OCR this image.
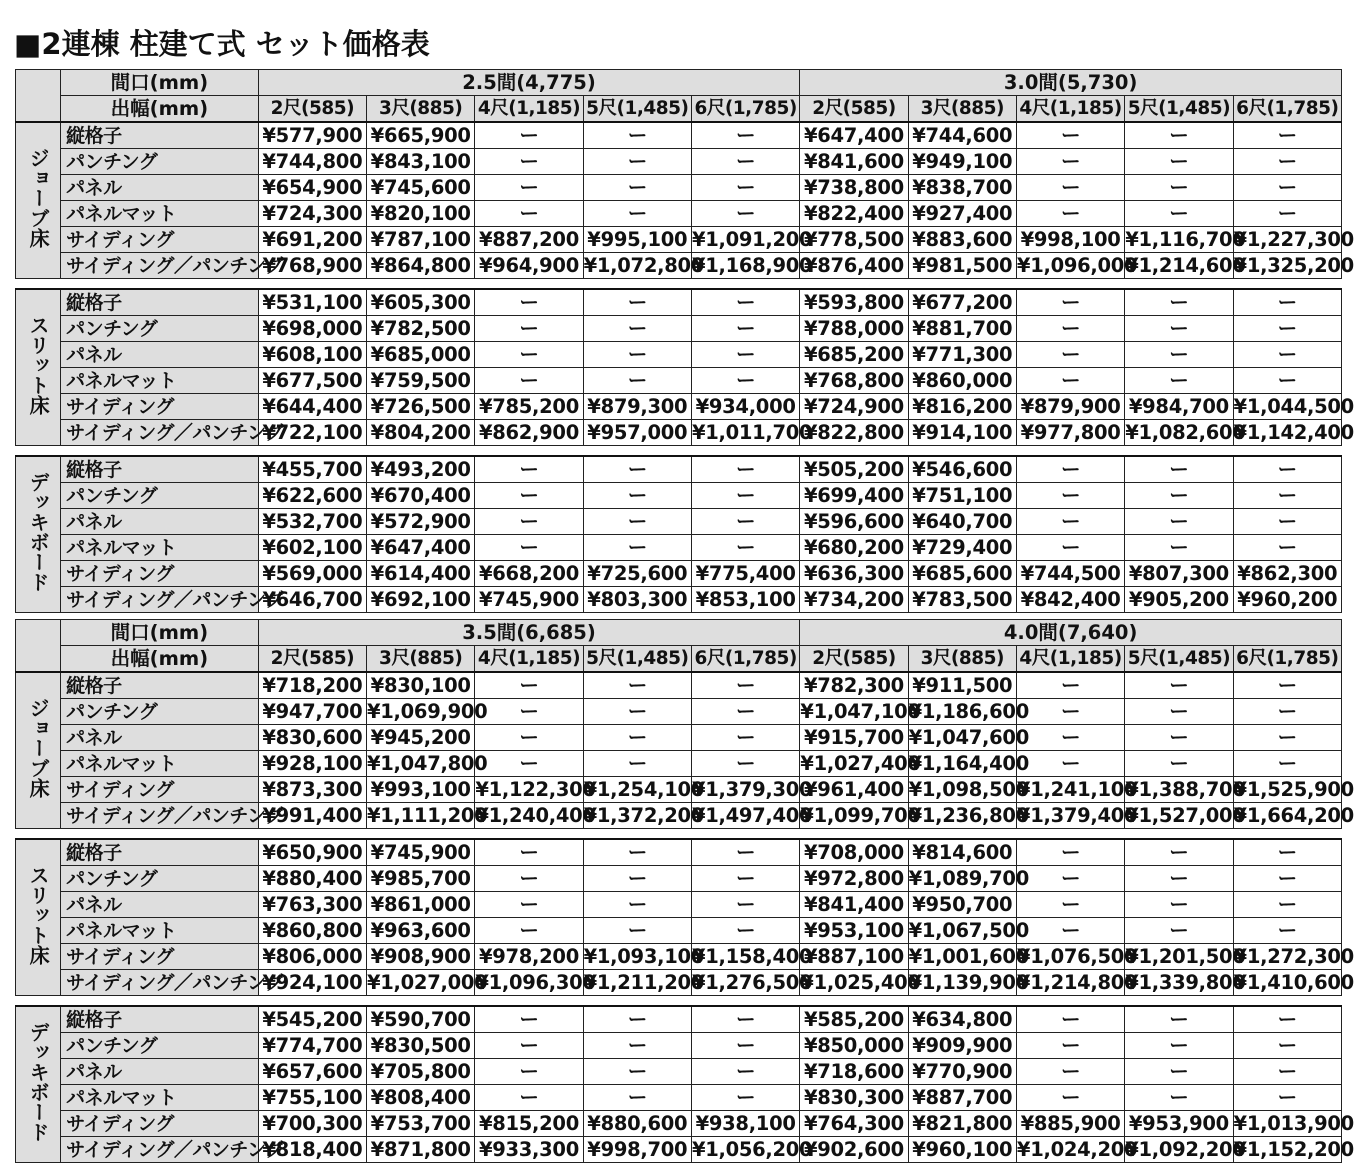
■2連棟 柱建て式 セット価格表
	間口(mm)	2.5間(4,775)					3.0間(5,730)				
	出幅(mm)	2尺(585)	3尺(885)	4尺(1,185)	5尺(1,485)	6尺(1,785)	2尺(585)	3尺(885)	4尺(1,185)	5尺(1,485)	6尺(1,785)
ジョーブ床	縦格子	¥577,900	¥665,900	ー	ー	ー	¥647,400	¥744,600	ー	ー	ー
	パンチング	¥744,800	¥843,100	ー	ー	ー	¥841,600	¥949,100	ー	ー	ー
	パネル	¥654,900	¥745,600	ー	ー	ー	¥738,800	¥838,700	ー	ー	ー
	パネルマット	¥724,300	¥820,100	ー	ー	ー	¥822,400	¥927,400	ー	ー	ー
	サイディング	¥691,200	¥787,100	¥887,200	¥995,100	¥1,091,200	¥778,500	¥883,600	¥998,100	¥1,116,700	¥1,227,300
	サイディング／パンチング	¥768,900	¥864,800	¥964,900	¥1,072,800	¥1,168,900	¥876,400	¥981,500	¥1,096,000	¥1,214,600	¥1,325,200

スリット床	縦格子	¥531,100	¥605,300	ー	ー	ー	¥593,800	¥677,200	ー	ー	ー
	パンチング	¥698,000	¥782,500	ー	ー	ー	¥788,000	¥881,700	ー	ー	ー
	パネル	¥608,100	¥685,000	ー	ー	ー	¥685,200	¥771,300	ー	ー	ー
	パネルマット	¥677,500	¥759,500	ー	ー	ー	¥768,800	¥860,000	ー	ー	ー
	サイディング	¥644,400	¥726,500	¥785,200	¥879,300	¥934,000	¥724,900	¥816,200	¥879,900	¥984,700	¥1,044,500
	サイディング／パンチング	¥722,100	¥804,200	¥862,900	¥957,000	¥1,011,700	¥822,800	¥914,100	¥977,800	¥1,082,600	¥1,142,400

デッキボード	縦格子	¥455,700	¥493,200	ー	ー	ー	¥505,200	¥546,600	ー	ー	ー
	パンチング	¥622,600	¥670,400	ー	ー	ー	¥699,400	¥751,100	ー	ー	ー
	パネル	¥532,700	¥572,900	ー	ー	ー	¥596,600	¥640,700	ー	ー	ー
	パネルマット	¥602,100	¥647,400	ー	ー	ー	¥680,200	¥729,400	ー	ー	ー
	サイディング	¥569,000	¥614,400	¥668,200	¥725,600	¥775,400	¥636,300	¥685,600	¥744,500	¥807,300	¥862,300
	サイディング／パンチング	¥646,700	¥692,100	¥745,900	¥803,300	¥853,100	¥734,200	¥783,500	¥842,400	¥905,200	¥960,200
	間口(mm)	3.5間(6,685)					4.0間(7,640)				
	出幅(mm)	2尺(585)	3尺(885)	4尺(1,185)	5尺(1,485)	6尺(1,785)	2尺(585)	3尺(885)	4尺(1,185)	5尺(1,485)	6尺(1,785)
ジョーブ床	縦格子	¥718,200	¥830,100	ー	ー	ー	¥782,300	¥911,500	ー	ー	ー
	パンチング	¥947,700	¥1,069,900	ー	ー	ー	¥1,047,100	¥1,186,600	ー	ー	ー
	パネル	¥830,600	¥945,200	ー	ー	ー	¥915,700	¥1,047,600	ー	ー	ー
	パネルマット	¥928,100	¥1,047,800	ー	ー	ー	¥1,027,400	¥1,164,400	ー	ー	ー
	サイディング	¥873,300	¥993,100	¥1,122,300	¥1,254,100	¥1,379,300	¥961,400	¥1,098,500	¥1,241,100	¥1,388,700	¥1,525,900
	サイディング／パンチング	¥991,400	¥1,111,200	¥1,240,400	¥1,372,200	¥1,497,400	¥1,099,700	¥1,236,800	¥1,379,400	¥1,527,000	¥1,664,200

スリット床	縦格子	¥650,900	¥745,900	ー	ー	ー	¥708,000	¥814,600	ー	ー	ー
	パンチング	¥880,400	¥985,700	ー	ー	ー	¥972,800	¥1,089,700	ー	ー	ー
	パネル	¥763,300	¥861,000	ー	ー	ー	¥841,400	¥950,700	ー	ー	ー
	パネルマット	¥860,800	¥963,600	ー	ー	ー	¥953,100	¥1,067,500	ー	ー	ー
	サイディング	¥806,000	¥908,900	¥978,200	¥1,093,100	¥1,158,400	¥887,100	¥1,001,600	¥1,076,500	¥1,201,500	¥1,272,300
	サイディング／パンチング	¥924,100	¥1,027,000	¥1,096,300	¥1,211,200	¥1,276,500	¥1,025,400	¥1,139,900	¥1,214,800	¥1,339,800	¥1,410,600

デッキボード	縦格子	¥545,200	¥590,700	ー	ー	ー	¥585,200	¥634,800	ー	ー	ー
	パンチング	¥774,700	¥830,500	ー	ー	ー	¥850,000	¥909,900	ー	ー	ー
	パネル	¥657,600	¥705,800	ー	ー	ー	¥718,600	¥770,900	ー	ー	ー
	パネルマット	¥755,100	¥808,400	ー	ー	ー	¥830,300	¥887,700	ー	ー	ー
	サイディング	¥700,300	¥753,700	¥815,200	¥880,600	¥938,100	¥764,300	¥821,800	¥885,900	¥953,900	¥1,013,900
	サイディング／パンチング	¥818,400	¥871,800	¥933,300	¥998,700	¥1,056,200	¥902,600	¥960,100	¥1,024,200	¥1,092,200	¥1,152,200
